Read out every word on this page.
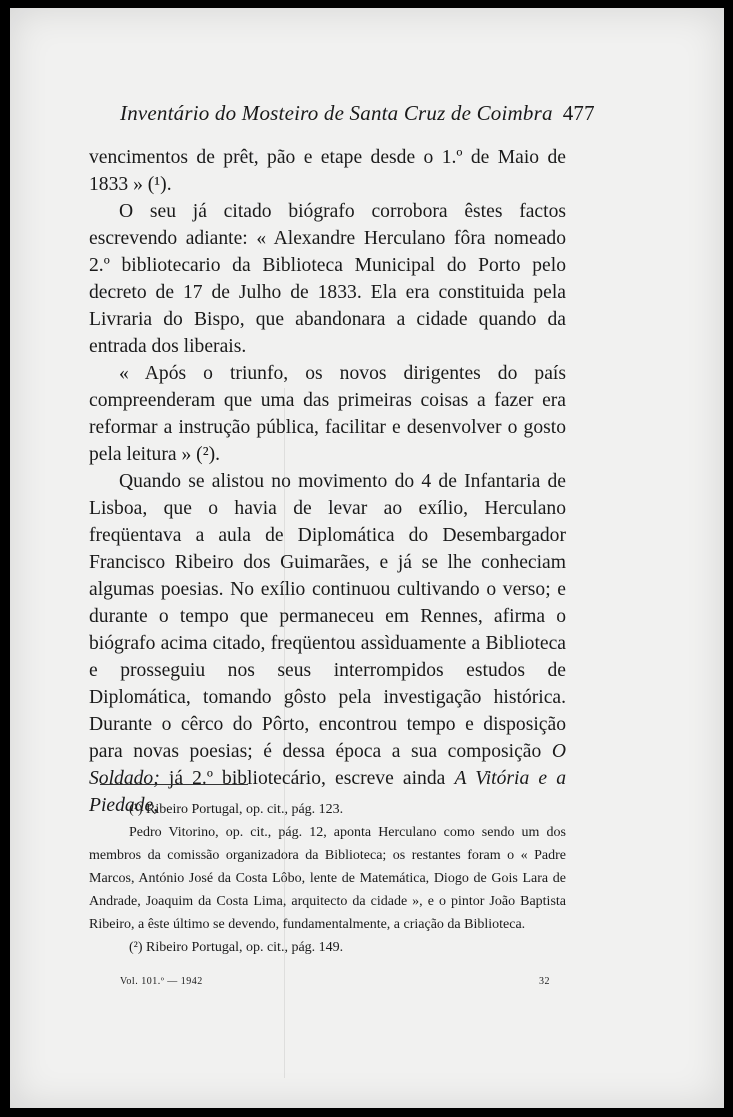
Inventário do Mosteiro de Santa Cruz de Coimbra 477

vencimentos de prêt, pão e etape desde o 1.º de Maio de 1833 » (¹).

O seu já citado biógrafo corrobora êstes factos escrevendo adiante: « Alexandre Herculano fôra nomeado 2.º bibliotecario da Biblioteca Municipal do Porto pelo decreto de 17 de Julho de 1833. Ela era constituida pela Livraria do Bispo, que abandonara a cidade quando da entrada dos liberais.

« Após o triunfo, os novos dirigentes do país compreenderam que uma das primeiras coisas a fazer era reformar a instrução pública, facilitar e desenvolver o gosto pela leitura » (²).

Quando se alistou no movimento do 4 de Infantaria de Lisboa, que o havia de levar ao exílio, Herculano freqüentava a aula de Diplomática do Desembargador Francisco Ribeiro dos Guimarães, e já se lhe conheciam algumas poesias. No exílio continuou cultivando o verso; e durante o tempo que permaneceu em Rennes, afirma o biógrafo acima citado, freqüentou assìduamente a Biblioteca e prosseguiu nos seus interrompidos estudos de Diplomática, tomando gôsto pela investigação histórica. Durante o cêrco do Pôrto, encontrou tempo e disposição para novas poesias; é dessa época a sua composição O Soldado; já 2.º bibliotecário, escreve ainda A Vitória e a Piedade,

(¹) Ribeiro Portugal, op. cit., pág. 123.

Pedro Vitorino, op. cit., pág. 12, aponta Herculano como sendo um dos membros da comissão organizadora da Biblioteca; os restantes foram o « Padre Marcos, António José da Costa Lôbo, lente de Matemática, Diogo de Gois Lara de Andrade, Joaquim da Costa Lima, arquitecto da cidade », e o pintor João Baptista Ribeiro, a êste último se devendo, fundamentalmente, a criação da Biblioteca.

(²) Ribeiro Portugal, op. cit., pág. 149.

Vol. 101.º — 1942	32
